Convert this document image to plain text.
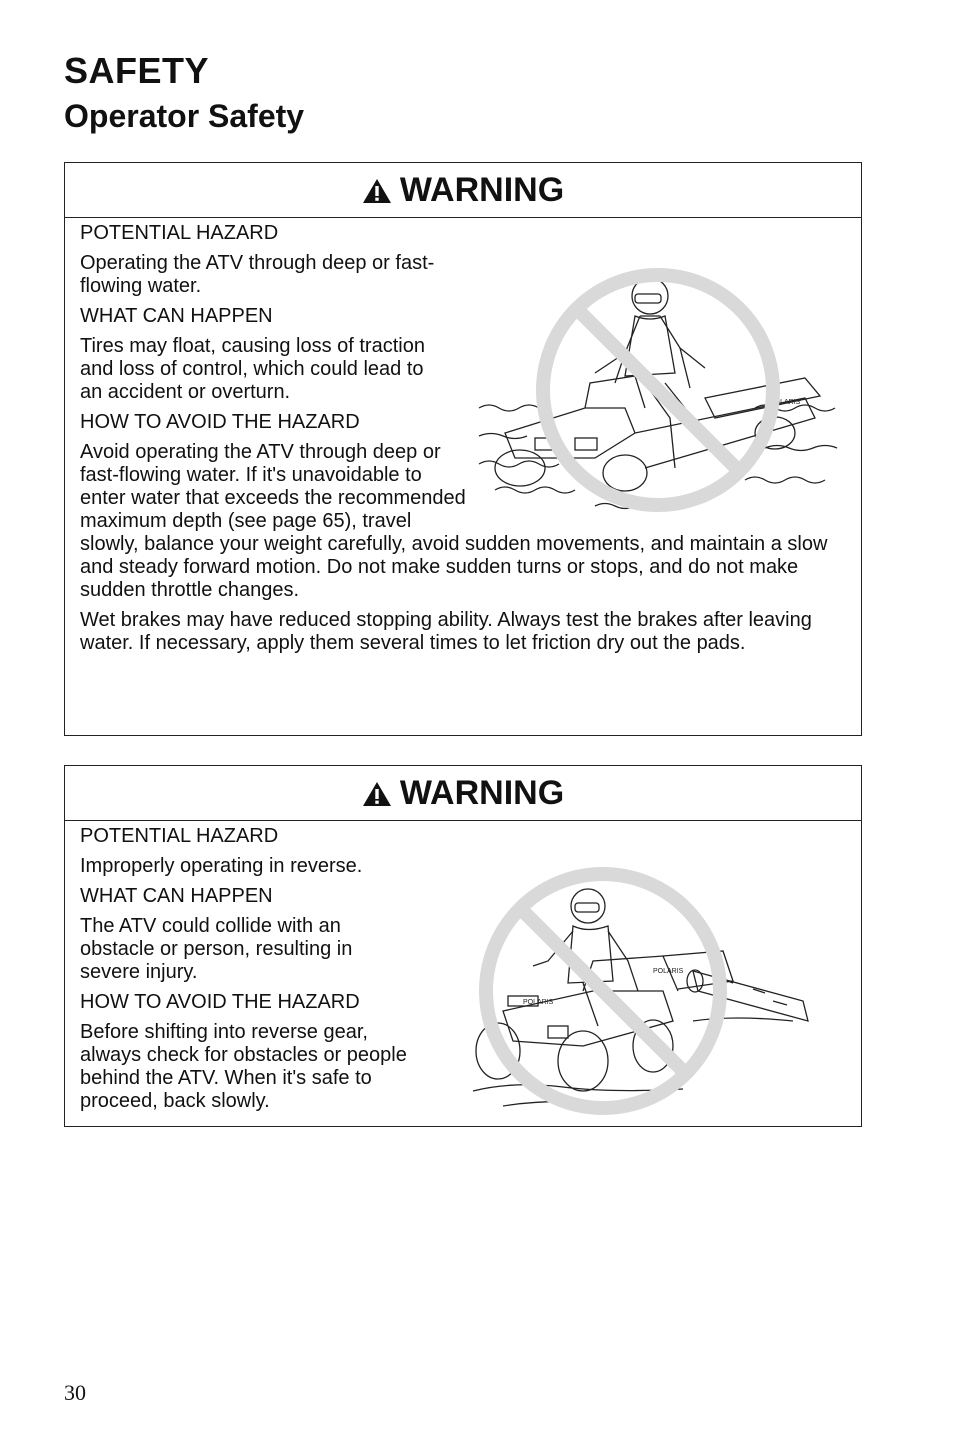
SAFETY
Operator Safety
WARNING

POTENTIAL HAZARD

POLARIS

Operating the ATV through deep or fast-flowing water.

WHAT CAN HAPPEN

Tires may float, causing loss of traction and loss of control, which could lead to an accident or overturn.

HOW TO AVOID THE HAZARD

Avoid operating the ATV through deep or fast-flowing water. If it's unavoidable to enter water that exceeds the recommended maximum depth (see page 65), travel slowly, balance your weight carefully, avoid sudden movements, and maintain a slow and steady forward motion. Do not make sudden turns or stops, and do not make sudden throttle changes.

Wet brakes may have reduced stopping ability. Always test the brakes after leaving water. If necessary, apply them several times to let friction dry out the pads.

WARNING

POTENTIAL HAZARD

POLARIS
POLARIS

Improperly operating in reverse.

WHAT CAN HAPPEN

The ATV could collide with an obstacle or person, resulting in severe injury.

HOW TO AVOID THE HAZARD

Before shifting into reverse gear, always check for obstacles or people behind the ATV. When it's safe to proceed, back slowly.

30
